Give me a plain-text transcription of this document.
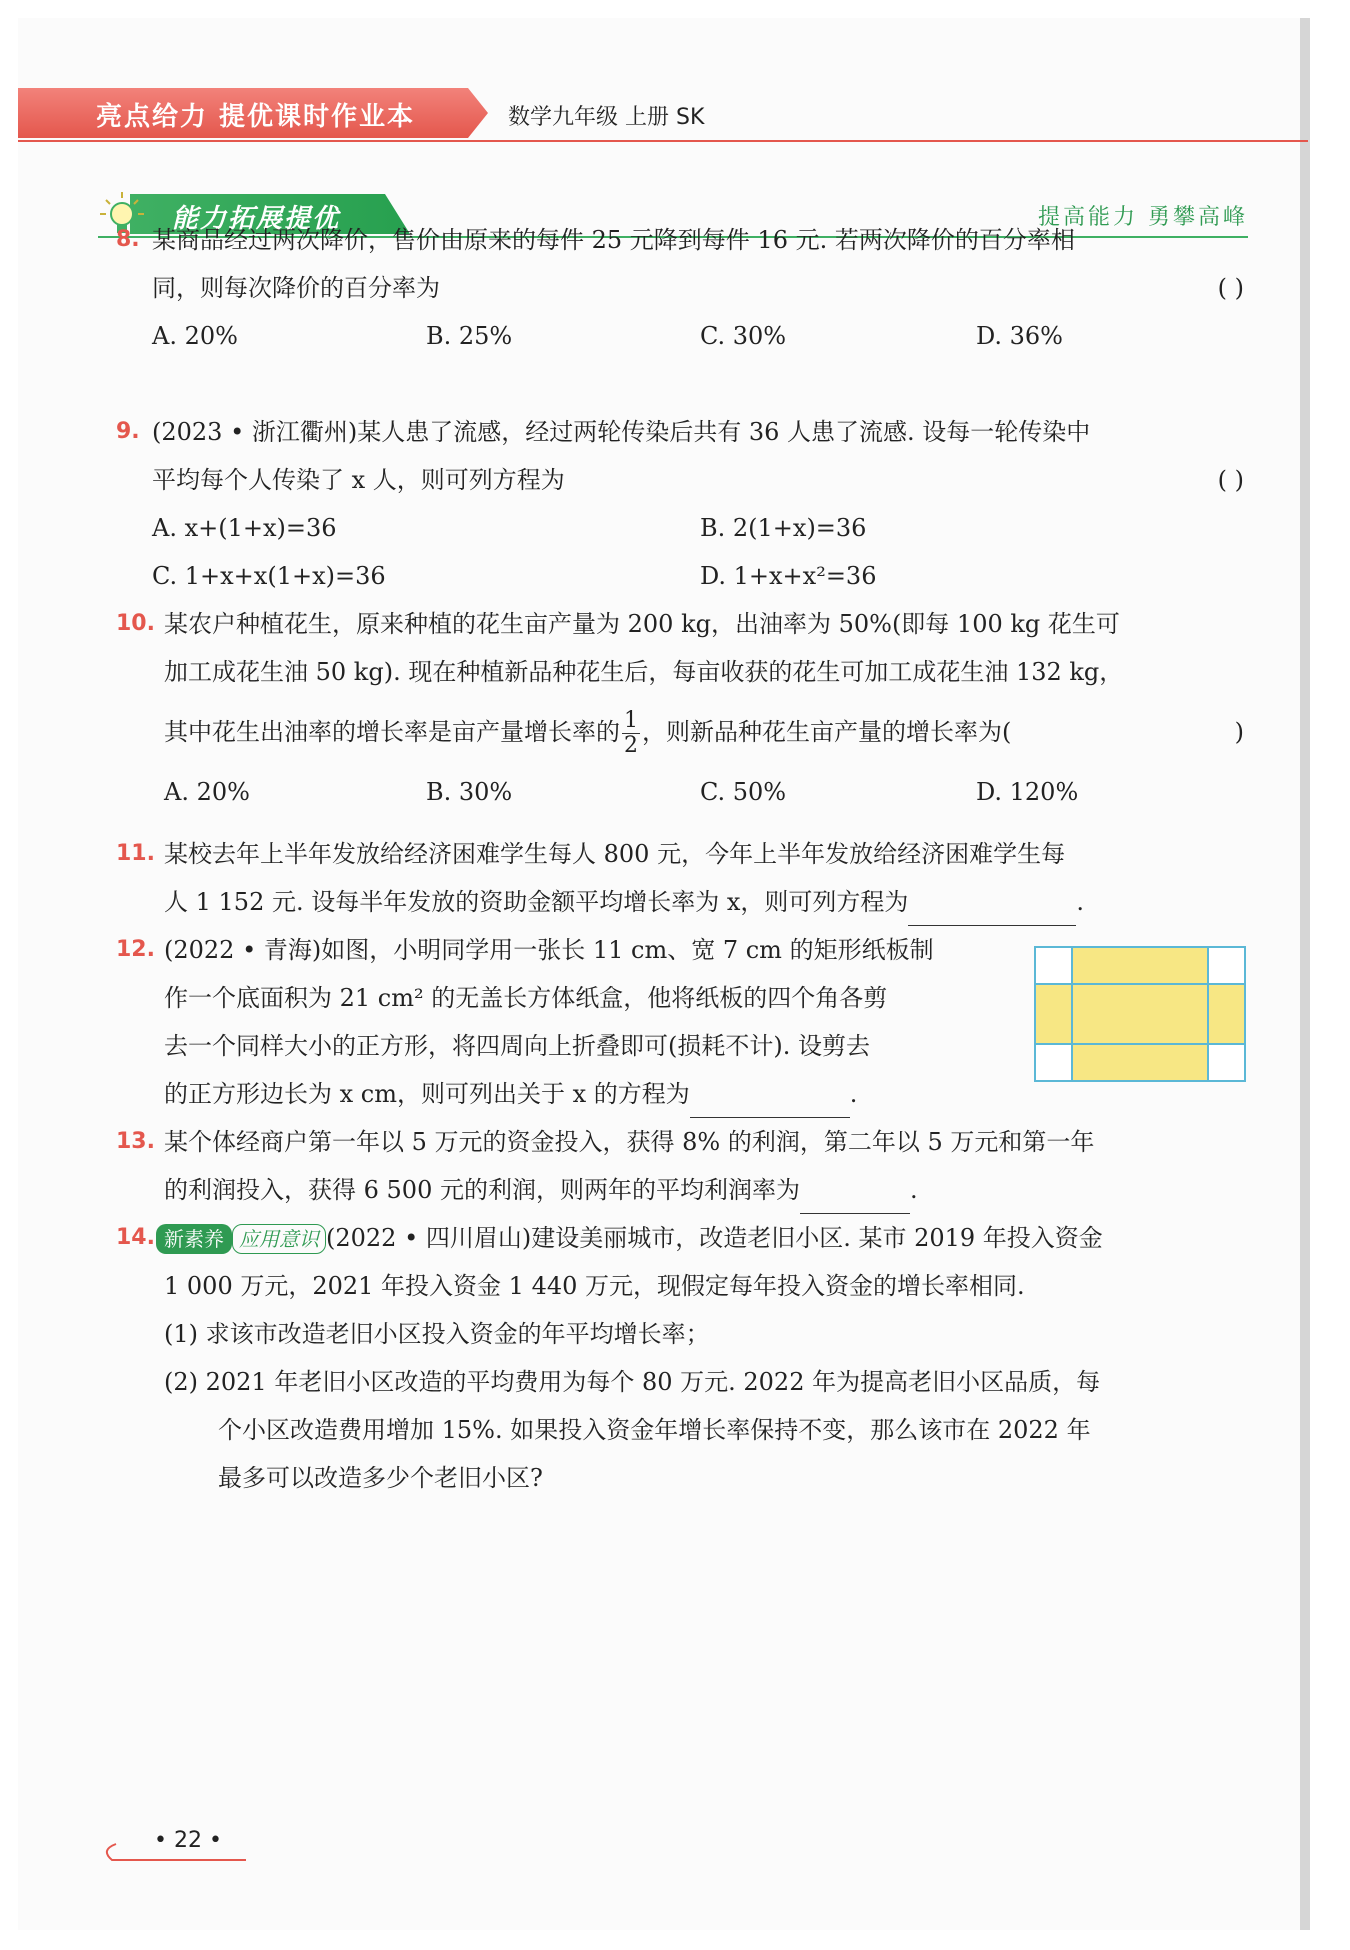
亮点给力 提优课时作业本	数学九年级 上册 SK
能力拓展提优	提高能力 勇攀高峰
8. 某商品经过两次降价，售价由原来的每件 25 元降到每件 16 元. 若两次降价的百分率相
同，则每次降价的百分率为	( )
A. 20%	B. 25%	C. 30%	D. 36%
9. (2023 • 浙江衢州)某人患了流感，经过两轮传染后共有 36 人患了流感. 设每一轮传染中
平均每个人传染了 x 人，则可列方程为	( )
A. x+(1+x)=36	B. 2(1+x)=36
C. 1+x+x(1+x)=36	D. 1+x+x²=36
10. 某农户种植花生，原来种植的花生亩产量为 200 kg，出油率为 50%(即每 100 kg 花生可
加工成花生油 50 kg). 现在种植新品种花生后，每亩收获的花生可加工成花生油 132 kg，
其中花生出油率的增长率是亩产量增长率的 $\frac{1}{2}$ ，则新品种花生亩产量的增长率为(	)
A. 20%	B. 30%	C. 50%	D. 120%
11. 某校去年上半年发放给经济困难学生每人 800 元，今年上半年发放给经济困难学生每
人 1 152 元. 设每半年发放的资助金额平均增长率为 x，则可列方程为	.
12. (2022 • 青海)如图，小明同学用一张长 11 cm、宽 7 cm 的矩形纸板制
作一个底面积为 21 cm² 的无盖长方体纸盒，他将纸板的四个角各剪
去一个同样大小的正方形，将四周向上折叠即可(损耗不计). 设剪去
的正方形边长为 x cm，则可列出关于 x 的方程为	.
13. 某个体经商户第一年以 5 万元的资金投入，获得 8% 的利润，第二年以 5 万元和第一年
的利润投入，获得 6 500 元的利润，则两年的平均利润率为	.
14. 新素养 应用意识 (2022 • 四川眉山)建设美丽城市，改造老旧小区. 某市 2019 年投入资金
1 000 万元，2021 年投入资金 1 440 万元，现假定每年投入资金的增长率相同.
(1) 求该市改造老旧小区投入资金的年平均增长率；
(2) 2021 年老旧小区改造的平均费用为每个 80 万元. 2022 年为提高老旧小区品质，每
个小区改造费用增加 15%. 如果投入资金年增长率保持不变，那么该市在 2022 年
最多可以改造多少个老旧小区?
• 22 •
